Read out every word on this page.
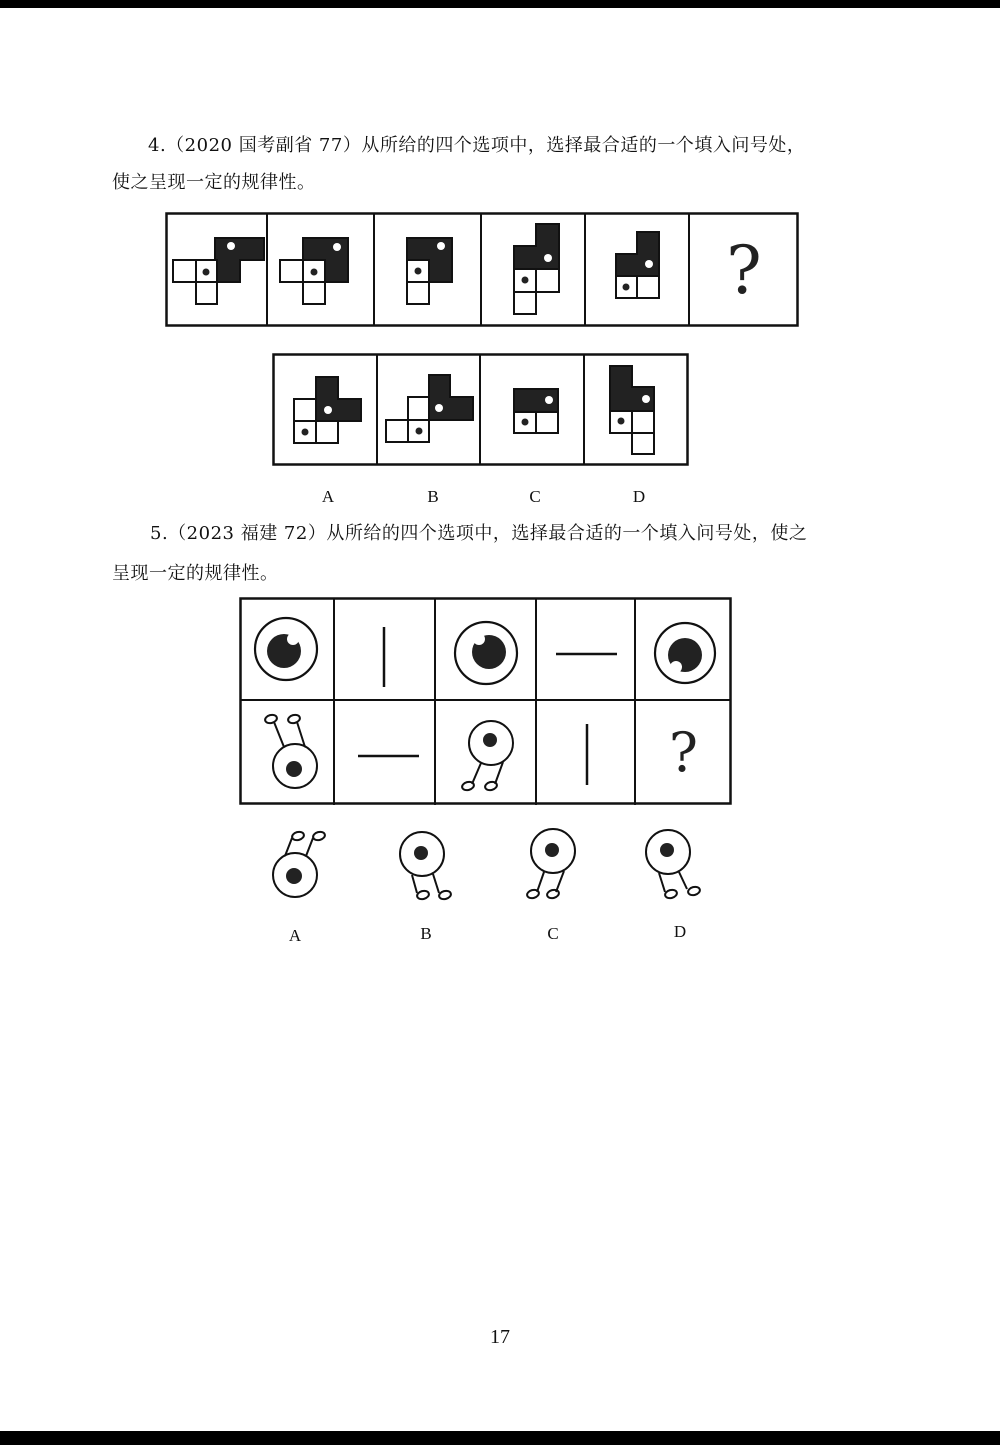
4.（2020 国考副省 77）从所给的四个选项中，选择最合适的一个填入问号处，
使之呈现一定的规律性。
?
A	B	C	D
5.（2023 福建 72）从所给的四个选项中，选择最合适的一个填入问号处，使之
呈现一定的规律性。
?
A	B	C	D
17
